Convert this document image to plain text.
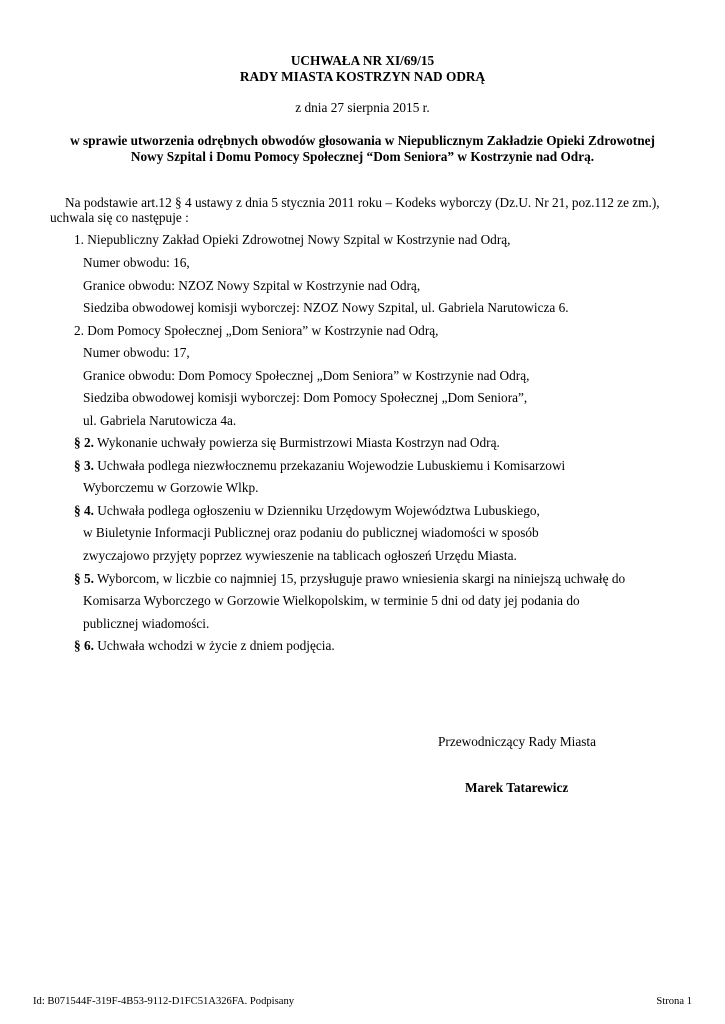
UCHWAŁA NR XI/69/15
RADY MIASTA KOSTRZYN NAD ODRĄ
z dnia 27 sierpnia 2015 r.
w sprawie utworzenia odrębnych obwodów głosowania w Niepublicznym Zakładzie Opieki Zdrowotnej
Nowy Szpital i Domu Pomocy Społecznej “Dom Seniora” w Kostrzynie nad Odrą.
Na podstawie art.12 § 4 ustawy z dnia 5 stycznia 2011 roku – Kodeks wyborczy (Dz.U. Nr 21, poz.112 ze zm.),
uchwala się co następuje :
1. Niepubliczny Zakład Opieki Zdrowotnej Nowy Szpital w Kostrzynie nad Odrą,
Numer obwodu: 16,
Granice obwodu: NZOZ Nowy Szpital w Kostrzynie nad Odrą,
Siedziba obwodowej komisji wyborczej: NZOZ Nowy Szpital, ul. Gabriela Narutowicza 6.
2. Dom Pomocy Społecznej „Dom Seniora” w Kostrzynie nad Odrą,
Numer obwodu: 17,
Granice obwodu: Dom Pomocy Społecznej „Dom Seniora” w Kostrzynie nad Odrą,
Siedziba obwodowej komisji wyborczej: Dom Pomocy Społecznej „Dom Seniora”,
ul. Gabriela Narutowicza 4a.
§ 2. Wykonanie uchwały powierza się Burmistrzowi Miasta Kostrzyn nad Odrą.
§ 3. Uchwała podlega niezwłocznemu przekazaniu Wojewodzie Lubuskiemu i Komisarzowi
Wyborczemu w Gorzowie Wlkp.
§ 4. Uchwała podlega ogłoszeniu w Dzienniku Urzędowym Województwa Lubuskiego,
w Biuletynie Informacji Publicznej oraz podaniu do publicznej wiadomości w sposób
zwyczajowo przyjęty poprzez wywieszenie na tablicach ogłoszeń Urzędu Miasta.
§ 5. Wyborcom, w liczbie co najmniej 15, przysługuje prawo wniesienia skargi na niniejszą uchwałę do
Komisarza Wyborczego w Gorzowie Wielkopolskim, w terminie 5 dni od daty jej podania do
publicznej wiadomości.
§ 6. Uchwała wchodzi w życie z dniem podjęcia.
Przewodniczący Rady Miasta
Marek Tatarewicz
Id: B071544F-319F-4B53-9112-D1FC51A326FA. Podpisany	Strona 1
